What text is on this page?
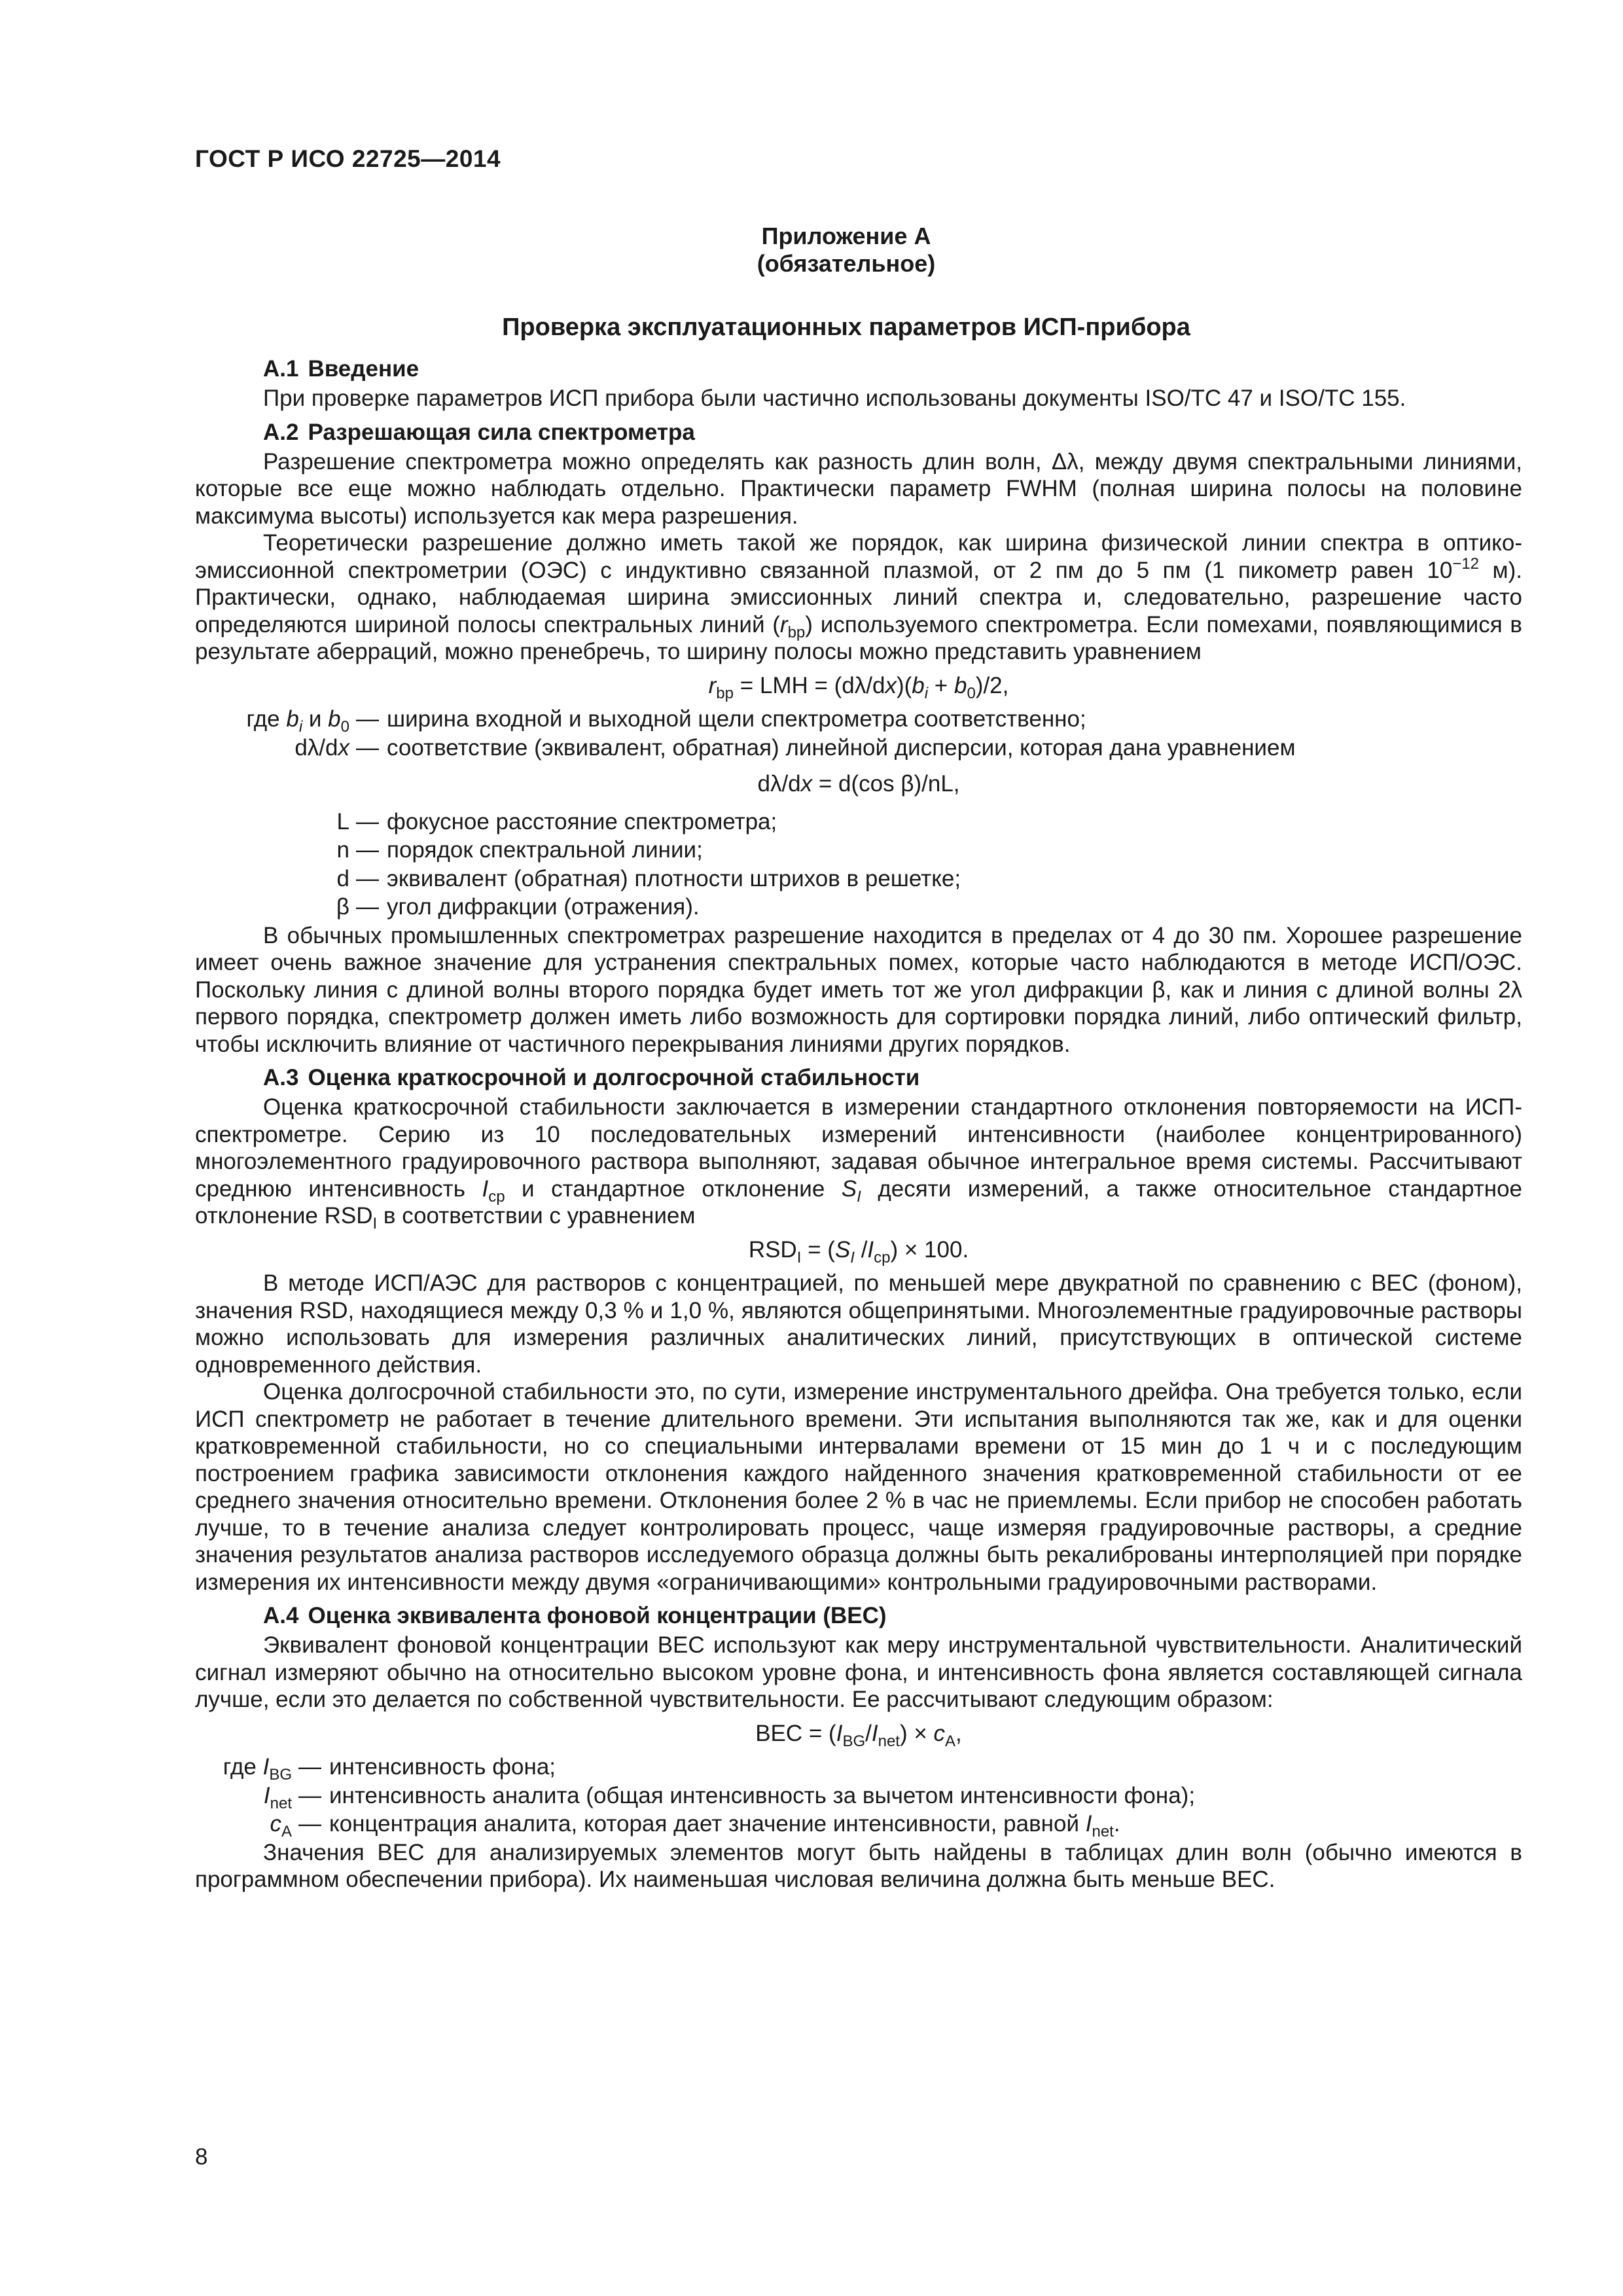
ГОСТ Р ИСО 22725—2014
Приложение А
(обязательное)
Проверка эксплуатационных параметров ИСП-прибора
А.1 Введение

При проверке параметров ИСП прибора были частично использованы документы ISO/TC 47 и ISO/TC 155.

А.2 Разрешающая сила спектрометра

Разрешение спектрометра можно определять как разность длин волн, Δλ, между двумя спектральными линиями, которые все еще можно наблюдать отдельно. Практически параметр FWHM (полная ширина полосы на половине максимума высоты) используется как мера разрешения.

Теоретически разрешение должно иметь такой же порядок, как ширина физической линии спектра в оптико-эмиссионной спектрометрии (ОЭС) с индуктивно связанной плазмой, от 2 пм до 5 пм (1 пикометр равен $10^{-12}$ м). Практически, однако, наблюдаемая ширина эмиссионных линий спектра и, следовательно, разрешение часто определяются шириной полосы спектральных линий $(r_{bp})$ используемого спектрометра. Если помехами, появляющимися в результате аберраций, можно пренебречь, то ширину полосы можно представить уравнением

$r_{bp}$ = LMH = $(d\lambda/dx)(b_i + b_0)/2$,
где $b_i$ и $b_0$ — ширина входной и выходной щели спектрометра соответственно;
dλ/dx — соответствие (эквивалент, обратная) линейной дисперсии, которая дана уравнением
dλ/dx = d(cos β)/nL,
L — фокусное расстояние спектрометра;
n — порядок спектральной линии;
d — эквивалент (обратная) плотности штрихов в решетке;
β — угол дифракции (отражения).

В обычных промышленных спектрометрах разрешение находится в пределах от 4 до 30 пм. Хорошее разрешение имеет очень важное значение для устранения спектральных помех, которые часто наблюдаются в методе ИСП/ОЭС. Поскольку линия с длиной волны второго порядка будет иметь тот же угол дифракции β, как и линия с длиной волны 2λ первого порядка, спектрометр должен иметь либо возможность для сортировки порядка линий, либо оптический фильтр, чтобы исключить влияние от частичного перекрывания линиями других порядков.

А.3 Оценка краткосрочной и долгосрочной стабильности

Оценка краткосрочной стабильности заключается в измерении стандартного отклонения повторяемости на ИСП-спектрометре. Серию из 10 последовательных измерений интенсивности (наиболее концентрированного) многоэлементного градуировочного раствора выполняют, задавая обычное интегральное время системы. Рассчитывают среднюю интенсивность $I_{cp}$ и стандартное отклонение $S_I$ десяти измерений, а также относительное стандартное отклонение $RSD_I$ в соответствии с уравнением

$RSD_I = (S_I$ $/I_{cp}) \times 100$.

В методе ИСП/АЭС для растворов с концентрацией, по меньшей мере двукратной по сравнению с BEC (фоном), значения RSD, находящиеся между 0,3 % и 1,0 %, являются общепринятыми. Многоэлементные градуировочные растворы можно использовать для измерения различных аналитических линий, присутствующих в оптической системе одновременного действия.

Оценка долгосрочной стабильности это, по сути, измерение инструментального дрейфа. Она требуется только, если ИСП спектрометр не работает в течение длительного времени. Эти испытания выполняются так же, как и для оценки кратковременной стабильности, но со специальными интервалами времени от 15 мин до 1 ч и с последующим построением графика зависимости отклонения каждого найденного значения кратковременной стабильности от ее среднего значения относительно времени. Отклонения более 2 % в час не приемлемы. Если прибор не способен работать лучше, то в течение анализа следует контролировать процесс, чаще измеряя градуировочные растворы, а средние значения результатов анализа растворов исследуемого образца должны быть рекалиброваны интерполяцией при порядке измерения их интенсивности между двумя «ограничивающими» контрольными градуировочными растворами.

А.4 Оценка эквивалента фоновой концентрации (BEC)

Эквивалент фоновой концентрации BEC используют как меру инструментальной чувствительности. Аналитический сигнал измеряют обычно на относительно высоком уровне фона, и интенсивность фона является составляющей сигнала лучше, если это делается по собственной чувствительности. Ее рассчитывают следующим образом:

BEC = $(I_{BG}/I_{net}) \times c_A$,
где $I_{BG}$ — интенсивность фона;
$I_{net}$ — интенсивность аналита (общая интенсивность за вычетом интенсивности фона);
$c_A$ — концентрация аналита, которая дает значение интенсивности, равной $I_{net}$.

Значения BEC для анализируемых элементов могут быть найдены в таблицах длин волн (обычно имеются в программном обеспечении прибора). Их наименьшая числовая величина должна быть меньше BEC.

8
